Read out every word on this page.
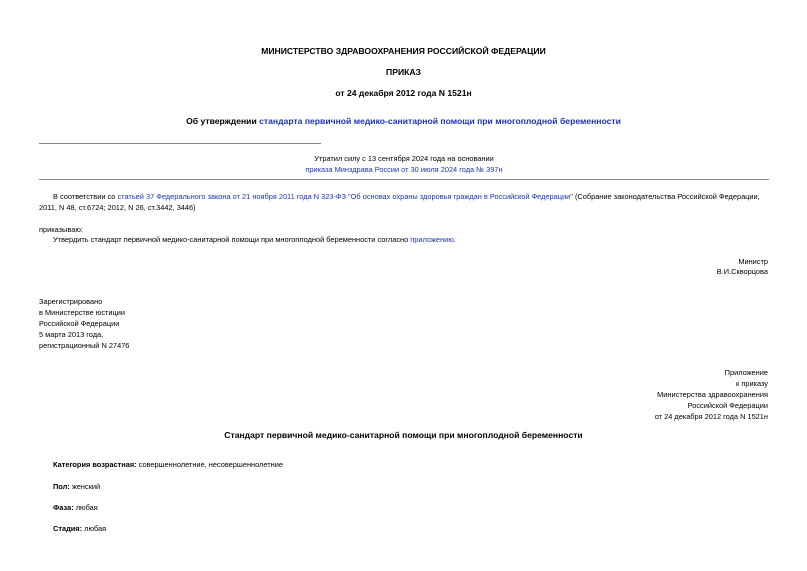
МИНИСТЕРСТВО ЗДРАВООХРАНЕНИЯ РОССИЙСКОЙ ФЕДЕРАЦИИ
ПРИКАЗ
от 24 декабря 2012 года N 1521н
Об утверждении стандарта первичной медико-санитарной помощи при многоплодной беременности
Утратил силу с 13 сентября 2024 года на основании
приказа Минздрава России от 30 июля 2024 года № 397н
В соответствии со статьей 37 Федерального закона от 21 ноября 2011 года N 323-ФЗ "Об основах охраны здоровья граждан в Российской Федерации" (Собрание законодательства Российской Федерации, 2011, N 48, ст.6724; 2012, N 26, ст.3442, 3446)
приказываю:
Утвердить стандарт первичной медико-санитарной помощи при многоплодной беременности согласно приложению.
Министр
В.И.Скворцова
Зарегистрировано
в Министерстве юстиции
Российской Федерации
5 марта 2013 года,
регистрационный N 27476
Приложение
к приказу
Министерства здравоохранения
Российской Федерации
от 24 декабря 2012 года N 1521н
Стандарт первичной медико-санитарной помощи при многоплодной беременности
Категория возрастная: совершеннолетние, несовершеннолетние
Пол: женский
Фаза: любая
Стадия: любая
